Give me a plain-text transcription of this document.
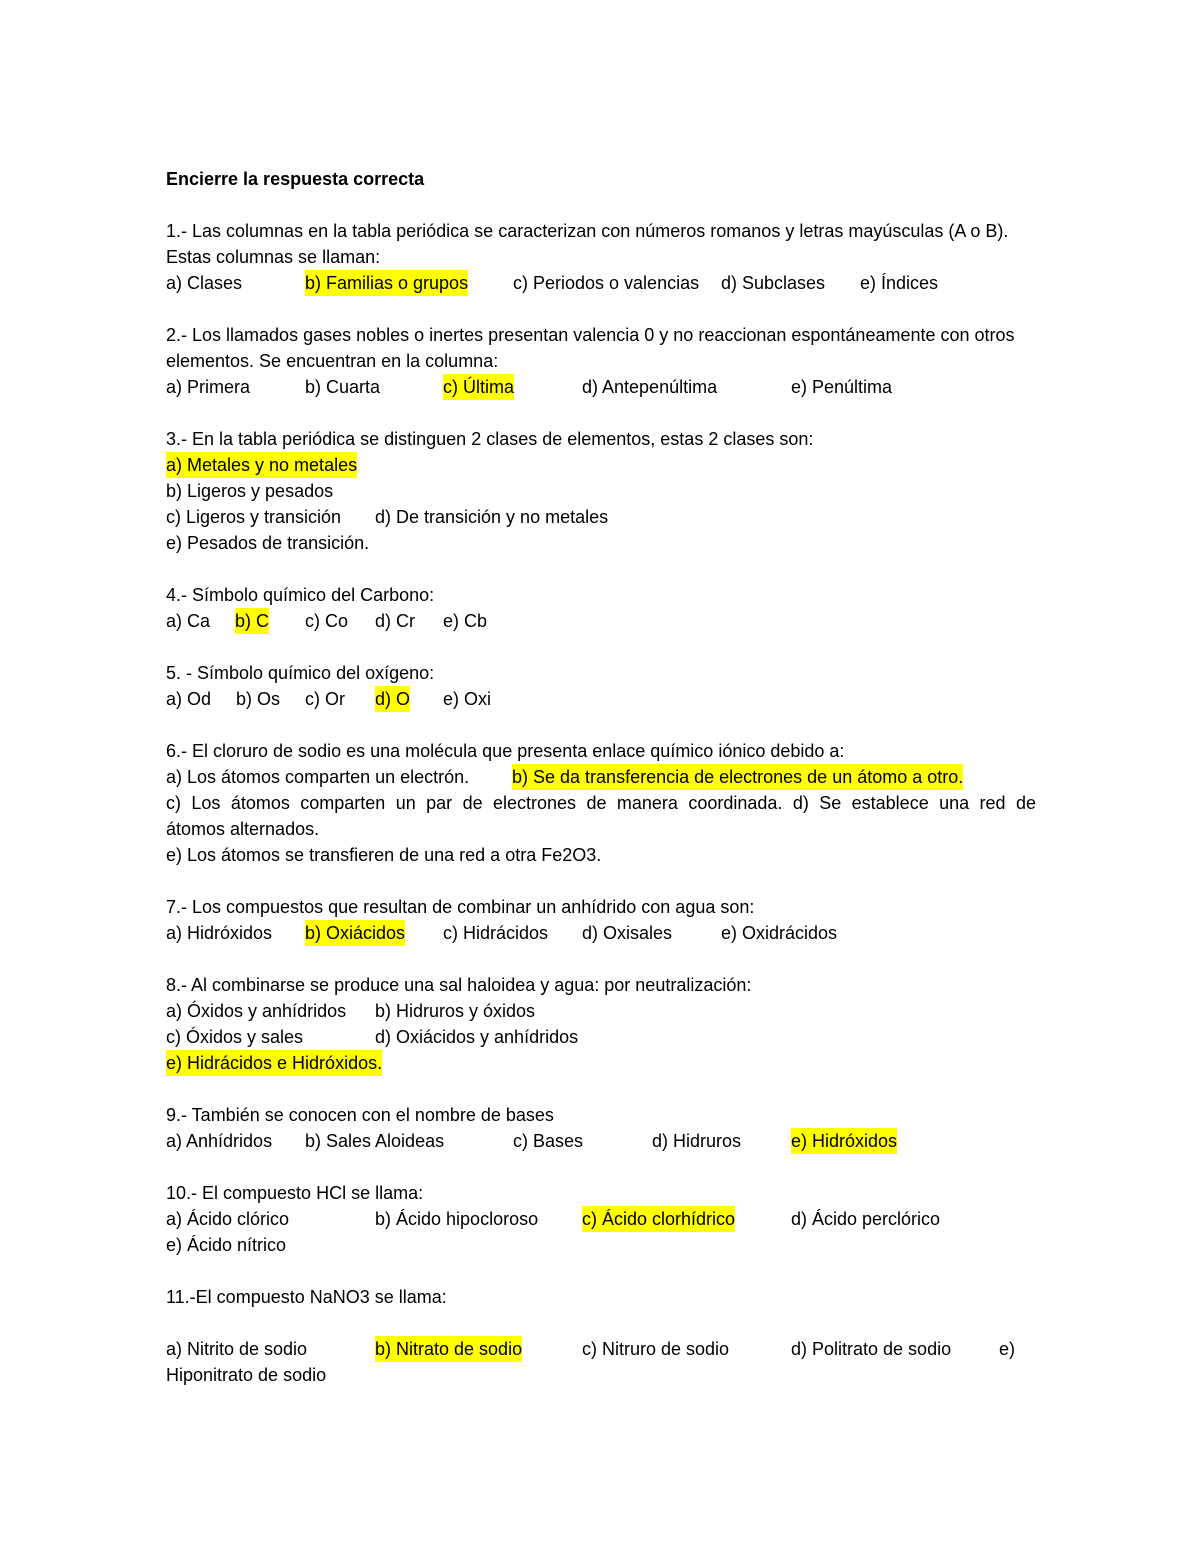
Encierre la respuesta correcta
1.- Las columnas en la tabla periódica se caracterizan con números romanos y letras mayúsculas (A o B). Estas columnas se llaman:
a) Clases	b) Familias o grupos c) Periodos o valencias d) Subclases e) Índices
2.- Los llamados gases nobles o inertes presentan valencia 0 y no reaccionan espontáneamente con otros elementos. Se encuentran en la columna:
a) Primera	b) Cuarta	c) Última	d) Antepenúltima	e) Penúltima
3.- En la tabla periódica se distinguen 2 clases de elementos, estas 2 clases son:
a) Metales y no metales
b) Ligeros y pesados
c) Ligeros y transición d) De transición y no metales
e) Pesados de transición.
4.- Símbolo químico del Carbono:
a) Ca b) C c) Co d) Cr e) Cb
5. - Símbolo químico del oxígeno:
a) Od b) Os c) Or d) O e) Oxi
6.- El cloruro de sodio es una molécula que presenta enlace químico iónico debido a:
a) Los átomos comparten un electrón. b) Se da transferencia de electrones de un átomo a otro.
c) Los átomos comparten un par de electrones de manera coordinada. d) Se establece una red de
átomos alternados.
e) Los átomos se transfieren de una red a otra Fe2O3.
7.- Los compuestos que resultan de combinar un anhídrido con agua son:
a) Hidróxidos b) Oxiácidos c) Hidrácidos d) Oxisales	e) Oxidrácidos
8.- Al combinarse se produce una sal haloidea y agua: por neutralización:
a) Óxidos y anhídridos b) Hidruros y óxidos
c) Óxidos y sales	d) Oxiácidos y anhídridos
e) Hidrácidos e Hidróxidos.
9.- También se conocen con el nombre de bases
a) Anhídridos b) Sales Aloideas	c) Bases	d) Hidruros	e) Hidróxidos
10.- El compuesto HCl se llama:
a) Ácido clórico	b) Ácido hipocloroso c) Ácido clorhídrico	d) Ácido perclórico
e) Ácido nítrico
11.-El compuesto NaNO3 se llama:
a) Nitrito de sodio	b) Nitrato de sodio	c) Nitruro de sodio	d) Politrato de sodio	e)
Hiponitrato de sodio
